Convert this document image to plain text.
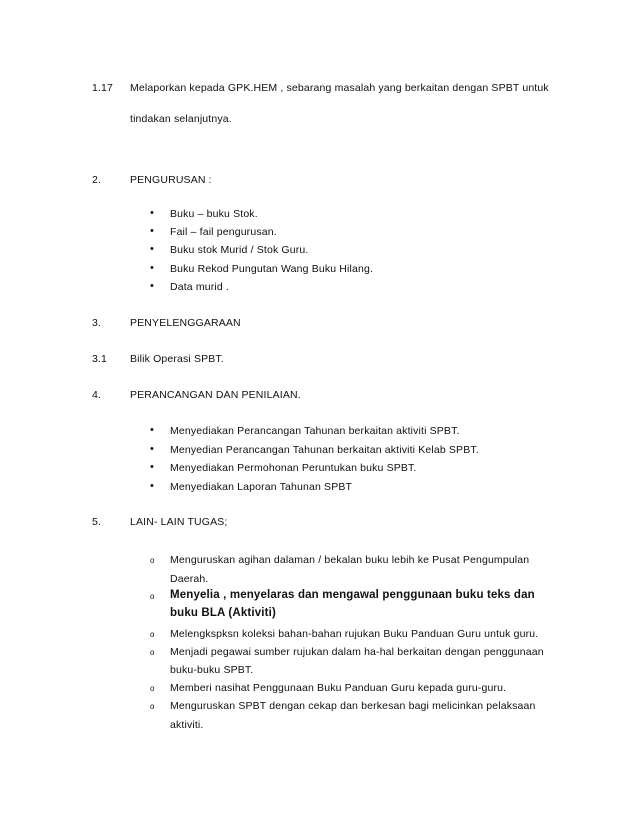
1.17 Melaporkan kepada GPK.HEM , sebarang masalah yang berkaitan dengan SPBT untuk
tindakan selanjutnya.
2.	PENGURUSAN :
• Buku – buku Stok.
• Fail – fail pengurusan.
• Buku stok Murid / Stok Guru.
• Buku Rekod Pungutan Wang Buku Hilang.
• Data murid .
3.	PENYELENGGARAAN
3.1 Bilik Operasi SPBT.
4.	PERANCANGAN DAN PENILAIAN.
• Menyediakan Perancangan Tahunan berkaitan aktiviti SPBT.
• Menyedian Perancangan Tahunan berkaitan aktiviti Kelab SPBT.
• Menyediakan Permohonan Peruntukan buku SPBT.
• Menyediakan Laporan Tahunan SPBT
5.	LAIN- LAIN TUGAS;
o Menguruskan agihan dalaman / bekalan buku lebih ke Pusat Pengumpulan
Daerah.
o Menyelia , menyelaras dan mengawal penggunaan buku teks dan
buku BLA (Aktiviti)
o Melengkspksn koleksi bahan-bahan rujukan Buku Panduan Guru untuk guru.
o Menjadi pegawai sumber rujukan dalam ha-hal berkaitan dengan penggunaan
buku-buku SPBT.
o Memberi nasihat Penggunaan Buku Panduan Guru kepada guru-guru.
o Menguruskan SPBT dengan cekap dan berkesan bagi melicinkan pelaksaan
aktiviti.
